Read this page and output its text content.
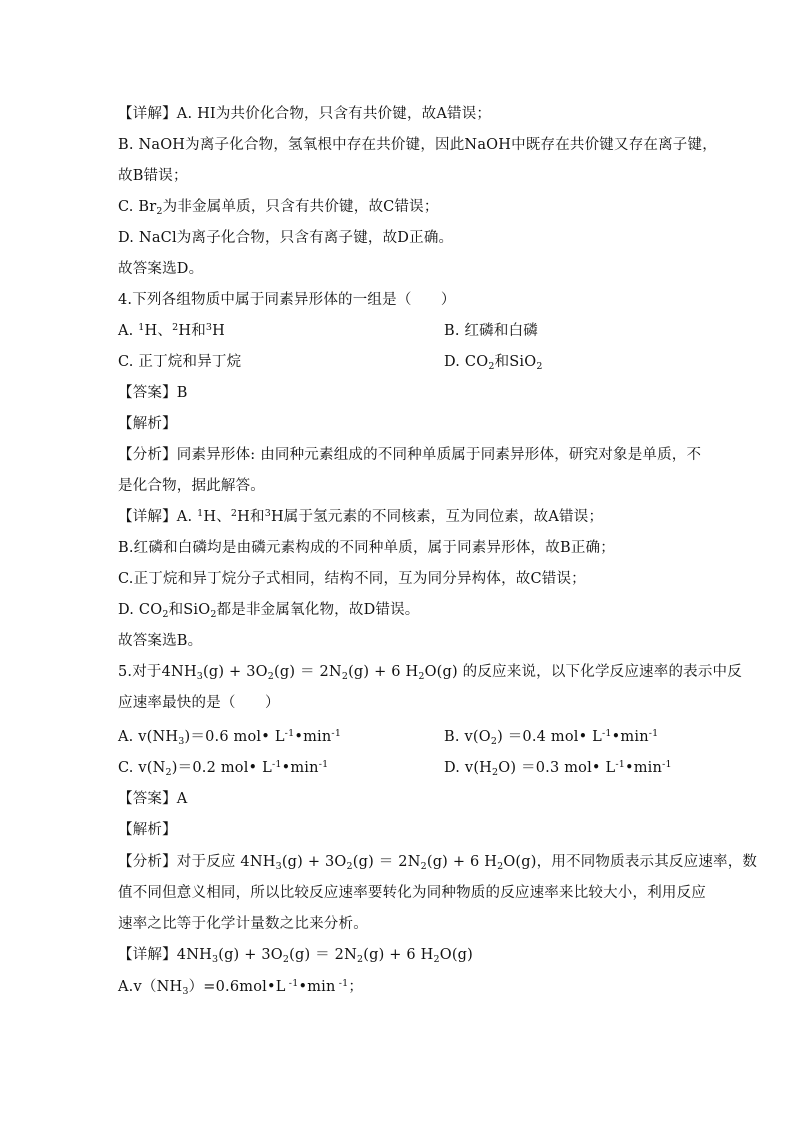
【详解】A. HI为共价化合物，只含有共价键，故A错误；
B. NaOH为离子化合物，氢氧根中存在共价键，因此NaOH中既存在共价键又存在离子键，
故B错误；
C. $Br_2$为非金属单质，只含有共价键，故C错误；
D. NaCl为离子化合物，只含有离子键，故D正确。
故答案选D。
4.下列各组物质中属于同素异形体的一组是（　　）
A. $^1$H、$^2$H和$^3$H	B. 红磷和白磷
C. 正丁烷和异丁烷	D. $CO_2$和SiO$_2$
【答案】B
【解析】
【分析】同素异形体: 由同种元素组成的不同种单质属于同素异形体，研究对象是单质，不
是化合物，据此解答。
【详解】A. $^1$H、$^2$H和$^3$H属于氢元素的不同核素，互为同位素，故A错误；
B.红磷和白磷均是由磷元素构成的不同种单质，属于同素异形体，故B正确；
C.正丁烷和异丁烷分子式相同，结构不同，互为同分异构体，故C错误；
D. $CO_2$和SiO$_2$都是非金属氧化物，故D错误。
故答案选B。
5.对于$4NH_3(g) + 3O_2(g) = 2N_2(g) + 6$ $H_2O(g)$ 的反应来说，以下化学反应速率的表示中反
应速率最快的是（　　）
A. $v(NH_3)=0.6$ mol• $L^{-1}•\min^{-1}$	B. $v(O_2) =0.4$ mol• $L^{-1}•\min^{-1}$
C. $v(N_2)=0.2$ mol• $L^{-1}•\min^{-1}$	D. $v(H_2O) =0.3$ mol• $L^{-1}•\min^{-1}$
【答案】A
【解析】
【分析】对于反应 $4NH_3(g) + 3O_2(g) = 2N_2(g) + 6$ $H_2O(g)$，用不同物质表示其反应速率，数
值不同但意义相同，所以比较反应速率要转化为同种物质的反应速率来比较大小，利用反应
速率之比等于化学计量数之比来分析。
【详解】$4NH_3(g) + 3O_2(g) = 2N_2(g) + 6$ $H_2O(g)$
$A.v(NH_3)=0.6mol•L$ $^{-1}$•min $^{-1}$；
